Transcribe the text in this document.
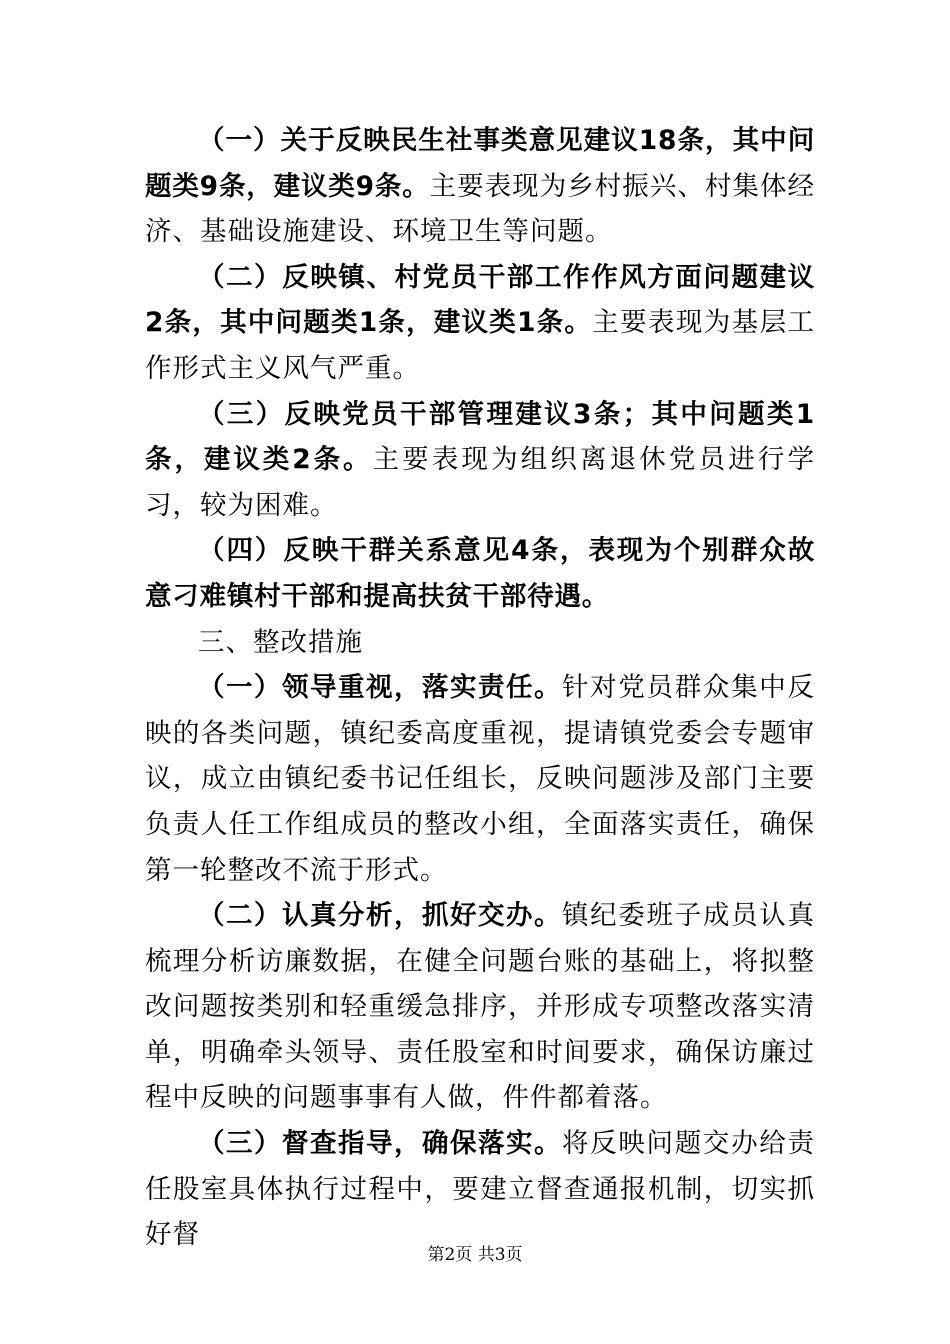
（一）关于反映民生社事类意见建议18条，其中问题类9条，建议类9条。主要表现为乡村振兴、村集体经济、基础设施建设、环境卫生等问题。

（二）反映镇、村党员干部工作作风方面问题建议2条，其中问题类1条，建议类1条。主要表现为基层工作形式主义风气严重。

（三）反映党员干部管理建议3条；其中问题类1条，建议类2条。主要表现为组织离退休党员进行学习，较为困难。

（四）反映干群关系意见4条，表现为个别群众故意刁难镇村干部和提高扶贫干部待遇。

三、整改措施

（一）领导重视，落实责任。针对党员群众集中反映的各类问题，镇纪委高度重视，提请镇党委会专题审议，成立由镇纪委书记任组长，反映问题涉及部门主要负责人任工作组成员的整改小组，全面落实责任，确保第一轮整改不流于形式。

（二）认真分析，抓好交办。镇纪委班子成员认真梳理分析访廉数据，在健全问题台账的基础上，将拟整改问题按类别和轻重缓急排序，并形成专项整改落实清单，明确牵头领导、责任股室和时间要求，确保访廉过程中反映的问题事事有人做，件件都着落。

（三）督查指导，确保落实。将反映问题交办给责任股室具体执行过程中，要建立督查通报机制，切实抓好督

第2页 共3页
